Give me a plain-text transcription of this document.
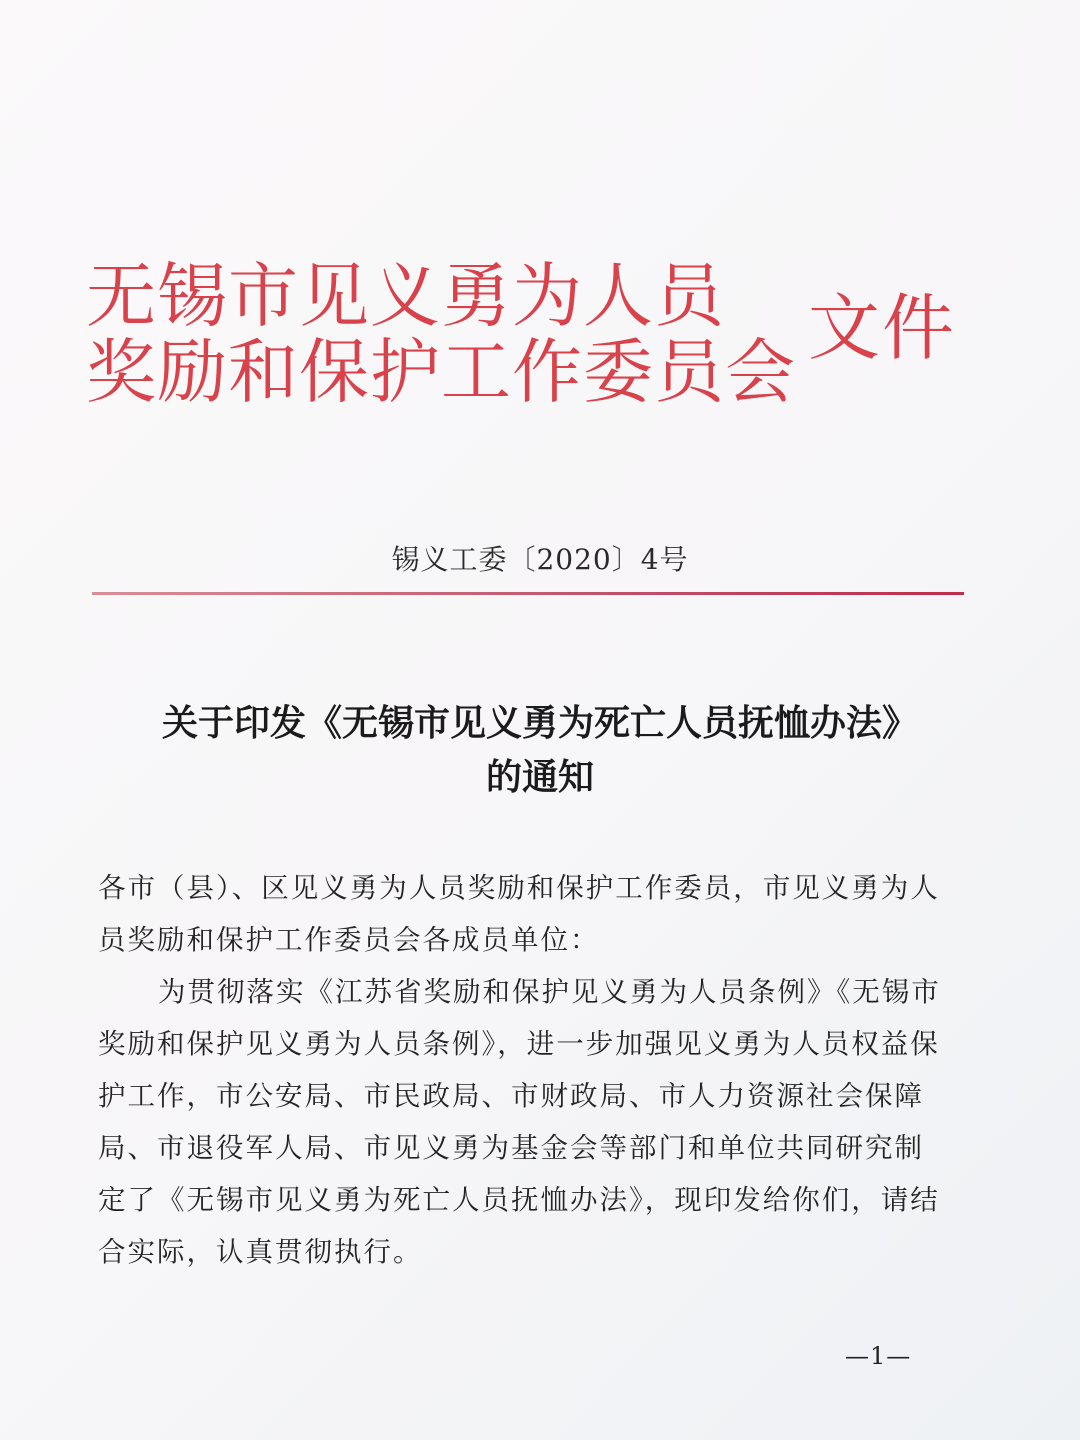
无锡市见义勇为人员
奖励和保护工作委员会
文件
锡义工委〔2020〕4号
关于印发《无锡市见义勇为死亡人员抚恤办法》
的通知

各市（县）、区见义勇为人员奖励和保护工作委员，市见义勇为人

员奖励和保护工作委员会各成员单位：

为贯彻落实《江苏省奖励和保护见义勇为人员条例》《无锡市

奖励和保护见义勇为人员条例》，进一步加强见义勇为人员权益保

护工作，市公安局、市民政局、市财政局、市人力资源社会保障

局、市退役军人局、市见义勇为基金会等部门和单位共同研究制

定了《无锡市见义勇为死亡人员抚恤办法》，现印发给你们，请结

合实际，认真贯彻执行。

—1—
